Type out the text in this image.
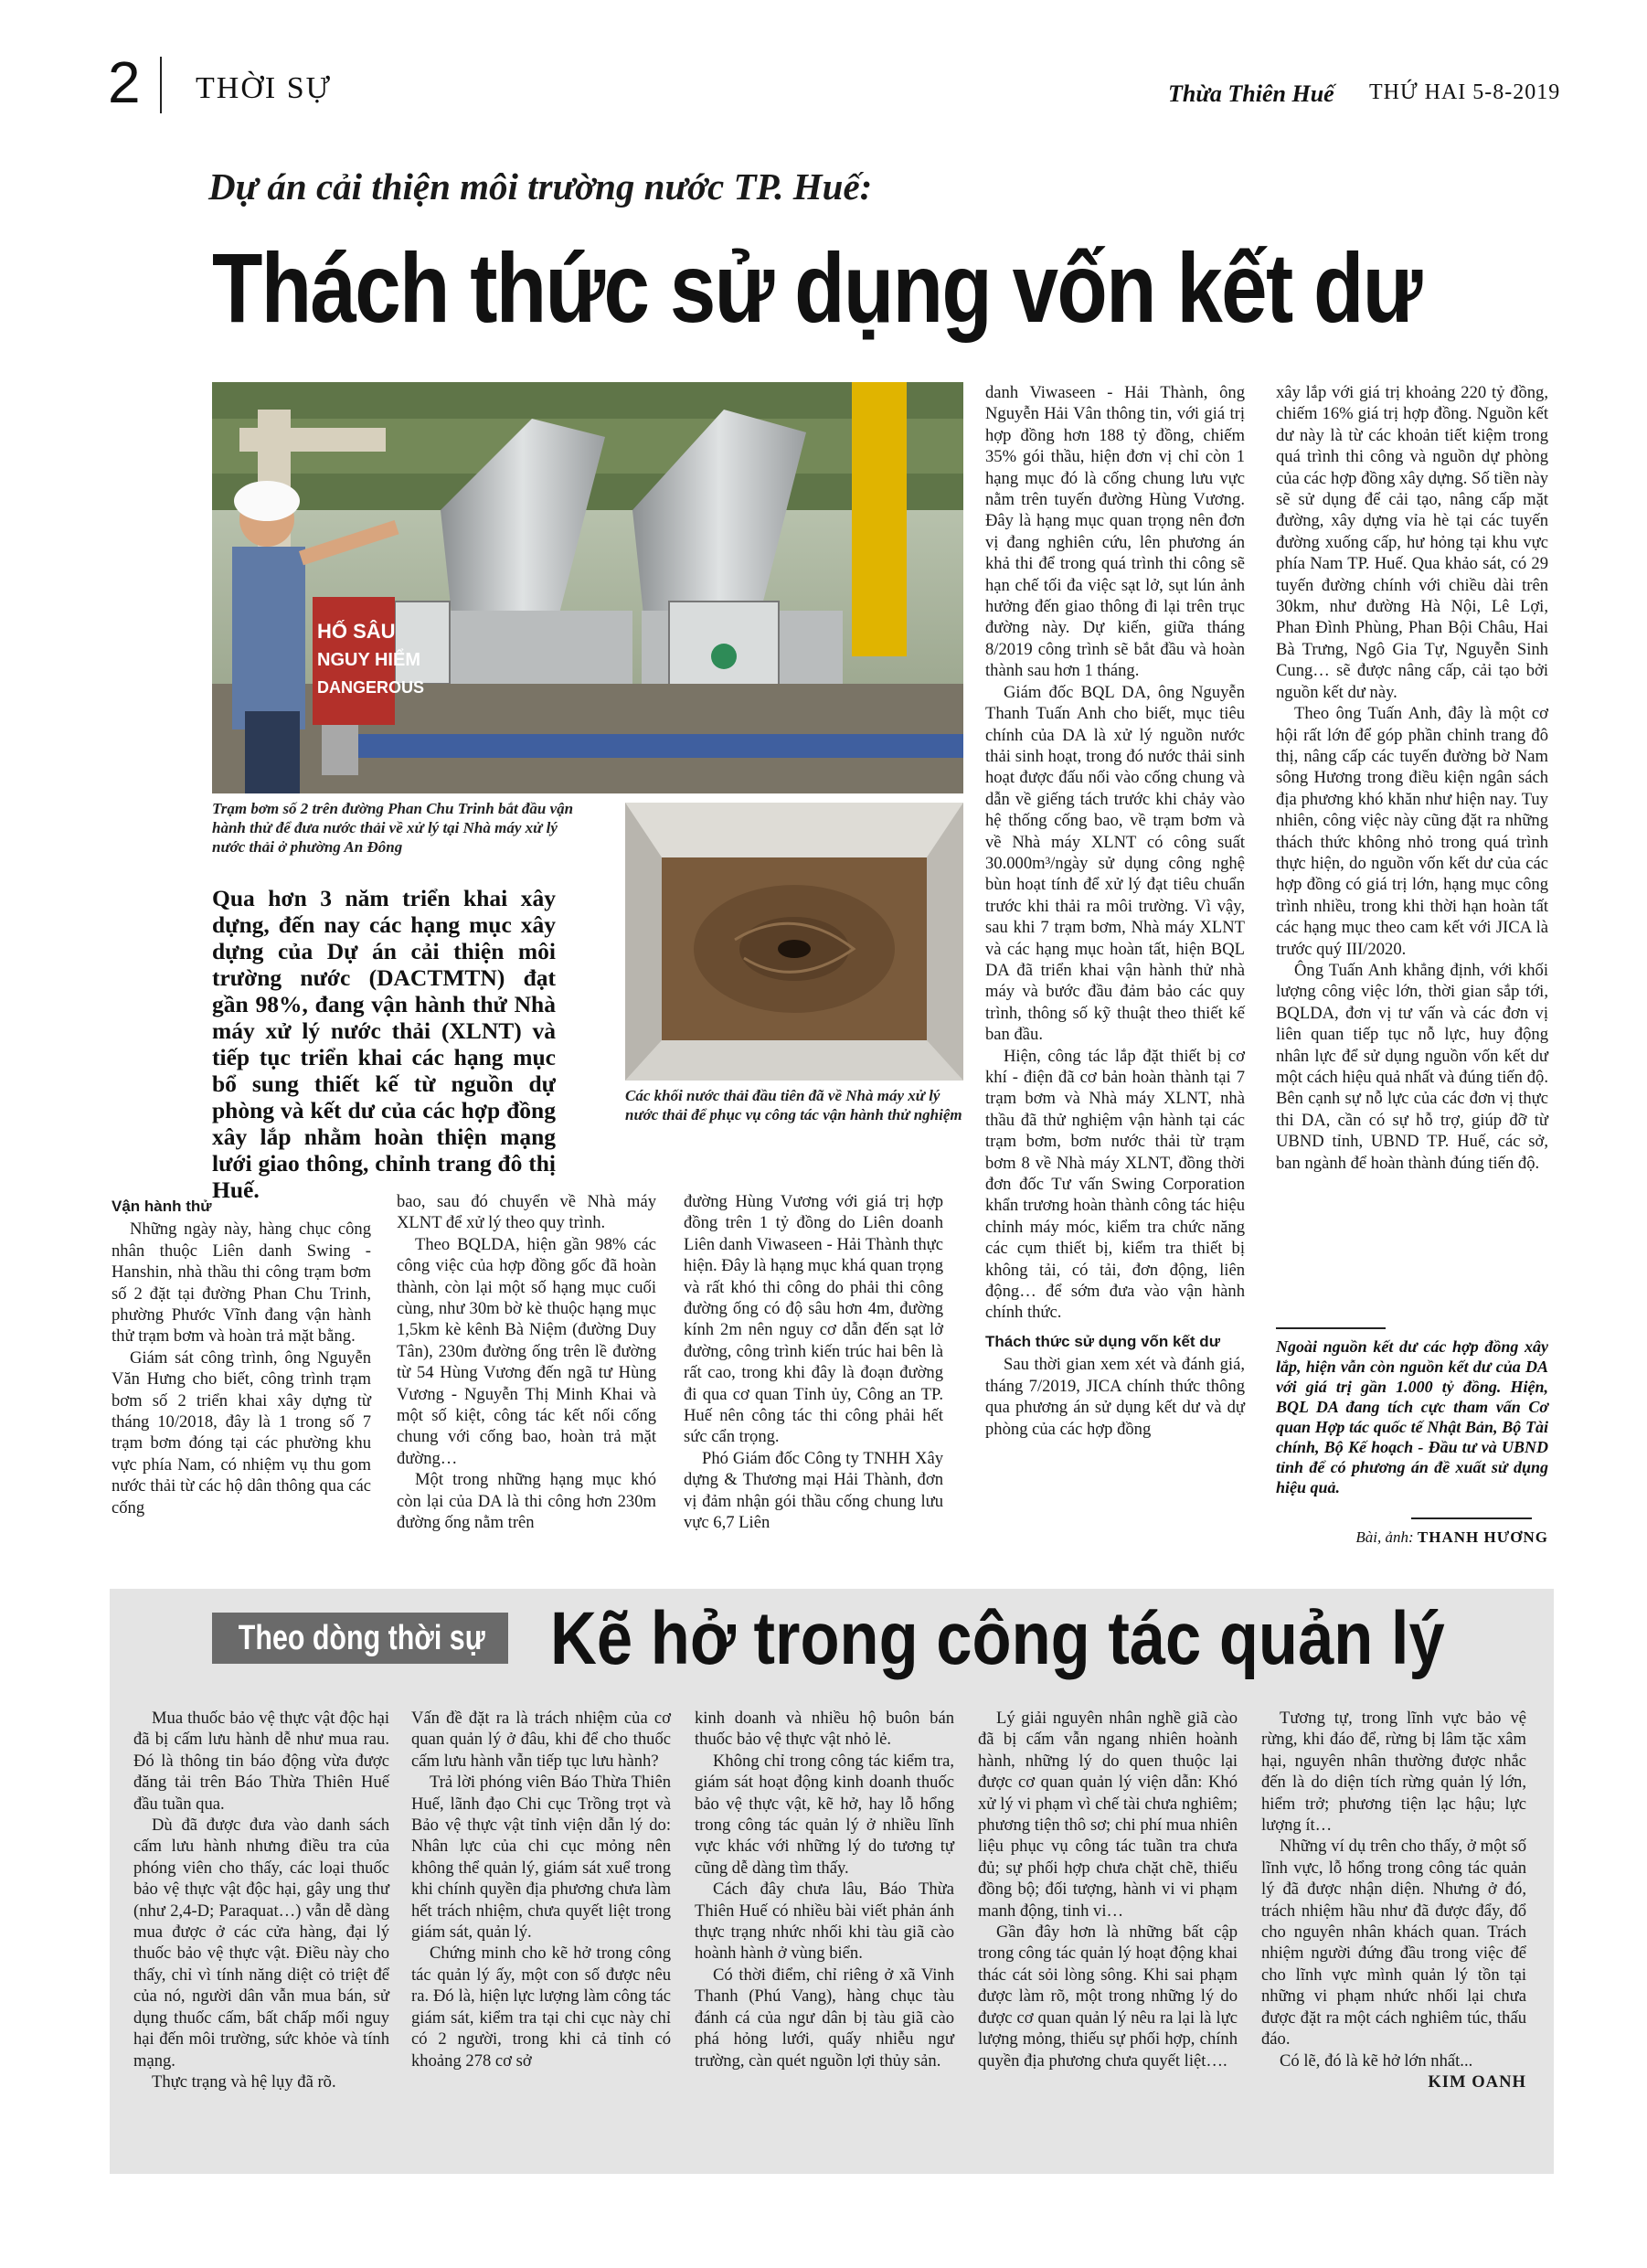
2 THỜI SỰ	Thừa Thiên Huế THỨ HAI 5-8-2019
Dự án cải thiện môi trường nước TP. Huế:
Thách thức sử dụng vốn kết dư
HỐ SÂU
NGUY HIỂM
DANGEROUS
Trạm bơm số 2 trên đường Phan Chu Trinh bắt đầu vận hành thử để đưa nước thải về xử lý tại Nhà máy xử lý nước thải ở phường An Đông
Các khối nước thải đầu tiên đã về Nhà máy xử lý nước thải để phục vụ công tác vận hành thử nghiệm
Qua hơn 3 năm triển khai xây dựng, đến nay các hạng mục xây dựng của Dự án cải thiện môi trường nước (DACTMTN) đạt gần 98%, đang vận hành thử Nhà máy xử lý nước thải (XLNT) và tiếp tục triển khai các hạng mục bổ sung thiết kế từ nguồn dự phòng và kết dư của các hợp đồng xây lắp nhằm hoàn thiện mạng lưới giao thông, chỉnh trang đô thị Huế.

Vận hành thử

Những ngày này, hàng chục công nhân thuộc Liên danh Swing - Hanshin, nhà thầu thi công trạm bơm số 2 đặt tại đường Phan Chu Trinh, phường Phước Vĩnh đang vận hành thử trạm bơm và hoàn trả mặt bằng.

Giám sát công trình, ông Nguyễn Văn Hưng cho biết, công trình trạm bơm số 2 triển khai xây dựng từ tháng 10/2018, đây là 1 trong số 7 trạm bơm đóng tại các phường khu vực phía Nam, có nhiệm vụ thu gom nước thải từ các hộ dân thông qua các cống

bao, sau đó chuyển về Nhà máy XLNT để xử lý theo quy trình.

Theo BQLDA, hiện gần 98% các công việc của hợp đồng gốc đã hoàn thành, còn lại một số hạng mục cuối cùng, như 30m bờ kè thuộc hạng mục 1,5km kè kênh Bà Niệm (đường Duy Tân), 230m đường ống trên lề đường từ 54 Hùng Vương đến ngã tư Hùng Vương - Nguyễn Thị Minh Khai và một số kiệt, công tác kết nối cống chung với cống bao, hoàn trả mặt đường…

Một trong những hạng mục khó còn lại của DA là thi công hơn 230m đường ống nằm trên

đường Hùng Vương với giá trị hợp đồng trên 1 tỷ đồng do Liên doanh Liên danh Viwaseen - Hải Thành thực hiện. Đây là hạng mục khá quan trọng và rất khó thi công do phải thi công đường ống có độ sâu hơn 4m, đường kính 2m nên nguy cơ dẫn đến sạt lở đường, công trình kiến trúc hai bên là rất cao, trong khi đây là đoạn đường đi qua cơ quan Tỉnh ủy, Công an TP. Huế nên công tác thi công phải hết sức cẩn trọng.

Phó Giám đốc Công ty TNHH Xây dựng & Thương mại Hải Thành, đơn vị đảm nhận gói thầu cống chung lưu vực 6,7 Liên

danh Viwaseen - Hải Thành, ông Nguyễn Hải Vân thông tin, với giá trị hợp đồng hơn 188 tỷ đồng, chiếm 35% gói thầu, hiện đơn vị chỉ còn 1 hạng mục đó là cống chung lưu vực nằm trên tuyến đường Hùng Vương. Đây là hạng mục quan trọng nên đơn vị đang nghiên cứu, lên phương án khả thi để trong quá trình thi công sẽ hạn chế tối đa việc sạt lở, sụt lún ảnh hưởng đến giao thông đi lại trên trục đường này. Dự kiến, giữa tháng 8/2019 công trình sẽ bắt đầu và hoàn thành sau hơn 1 tháng.

Giám đốc BQL DA, ông Nguyễn Thanh Tuấn Anh cho biết, mục tiêu chính của DA là xử lý nguồn nước thải sinh hoạt, trong đó nước thải sinh hoạt được đấu nối vào cống chung và dẫn về giếng tách trước khi chảy vào hệ thống cống bao, về trạm bơm và về Nhà máy XLNT có công suất 30.000m³/ngày sử dụng công nghệ bùn hoạt tính để xử lý đạt tiêu chuẩn trước khi thải ra môi trường. Vì vậy, sau khi 7 trạm bơm, Nhà máy XLNT và các hạng mục hoàn tất, hiện BQL DA đã triển khai vận hành thử nhà máy và bước đầu đảm bảo các quy trình, thông số kỹ thuật theo thiết kế ban đầu.

Hiện, công tác lắp đặt thiết bị cơ khí - điện đã cơ bản hoàn thành tại 7 trạm bơm và Nhà máy XLNT, nhà thầu đã thử nghiệm vận hành tại các trạm bơm, bơm nước thải từ trạm bơm 8 về Nhà máy XLNT, đồng thời đơn đốc Tư vấn Swing Corporation khẩn trương hoàn thành công tác hiệu chỉnh máy móc, kiểm tra chức năng các cụm thiết bị, kiểm tra thiết bị không tải, có tải, đơn động, liên động… để sớm đưa vào vận hành chính thức.

Thách thức sử dụng vốn kết dư

Sau thời gian xem xét và đánh giá, tháng 7/2019, JICA chính thức thông qua phương án sử dụng kết dư và dự phòng của các hợp đồng

xây lắp với giá trị khoảng 220 tỷ đồng, chiếm 16% giá trị hợp đồng. Nguồn kết dư này là từ các khoản tiết kiệm trong quá trình thi công và nguồn dự phòng của các hợp đồng xây dựng. Số tiền này sẽ sử dụng để cải tạo, nâng cấp mặt đường, xây dựng vỉa hè tại các tuyến đường xuống cấp, hư hỏng tại khu vực phía Nam TP. Huế. Qua khảo sát, có 29 tuyến đường chính với chiều dài trên 30km, như đường Hà Nội, Lê Lợi, Phan Đình Phùng, Phan Bội Châu, Hai Bà Trưng, Ngô Gia Tự, Nguyễn Sinh Cung… sẽ được nâng cấp, cải tạo bởi nguồn kết dư này.

Theo ông Tuấn Anh, đây là một cơ hội rất lớn để góp phần chỉnh trang đô thị, nâng cấp các tuyến đường bờ Nam sông Hương trong điều kiện ngân sách địa phương khó khăn như hiện nay. Tuy nhiên, công việc này cũng đặt ra những thách thức không nhỏ trong quá trình thực hiện, do nguồn vốn kết dư của các hợp đồng có giá trị lớn, hạng mục công trình nhiều, trong khi thời hạn hoàn tất các hạng mục theo cam kết với JICA là trước quý III/2020.

Ông Tuấn Anh khẳng định, với khối lượng công việc lớn, thời gian sắp tới, BQLDA, đơn vị tư vấn và các đơn vị liên quan tiếp tục nỗ lực, huy động nhân lực để sử dụng nguồn vốn kết dư một cách hiệu quả nhất và đúng tiến độ. Bên cạnh sự nỗ lực của các đơn vị thực thi DA, cần có sự hỗ trợ, giúp đỡ từ UBND tỉnh, UBND TP. Huế, các sở, ban ngành để hoàn thành đúng tiến độ.

Ngoài nguồn kết dư các hợp đồng xây lắp, hiện vẫn còn nguồn kết dư của DA với giá trị gần 1.000 tỷ đồng. Hiện, BQL DA đang tích cực tham vấn Cơ quan Hợp tác quốc tế Nhật Bản, Bộ Tài chính, Bộ Kế hoạch - Đầu tư và UBND tỉnh để có phương án đề xuất sử dụng hiệu quả.
Bài, ảnh: THANH HƯƠNG
Theo dòng thời sự Kẽ hở trong công tác quản lý

Mua thuốc bảo vệ thực vật độc hại đã bị cấm lưu hành dễ như mua rau. Đó là thông tin báo động vừa được đăng tải trên Báo Thừa Thiên Huế đầu tuần qua.

Dù đã được đưa vào danh sách cấm lưu hành nhưng điều tra của phóng viên cho thấy, các loại thuốc bảo vệ thực vật độc hại, gây ung thư (như 2,4-D; Paraquat…) vẫn dễ dàng mua được ở các cửa hàng, đại lý thuốc bảo vệ thực vật. Điều này cho thấy, chỉ vì tính năng diệt cỏ triệt để của nó, người dân vẫn mua bán, sử dụng thuốc cấm, bất chấp mối nguy hại đến môi trường, sức khỏe và tính mạng.

Thực trạng và hệ lụy đã rõ.

Vấn đề đặt ra là trách nhiệm của cơ quan quản lý ở đâu, khi để cho thuốc cấm lưu hành vẫn tiếp tục lưu hành?

Trả lời phóng viên Báo Thừa Thiên Huế, lãnh đạo Chi cục Trồng trọt và Bảo vệ thực vật tỉnh viện dẫn lý do: Nhân lực của chi cục mỏng nên không thể quản lý, giám sát xuể trong khi chính quyền địa phương chưa làm hết trách nhiệm, chưa quyết liệt trong giám sát, quản lý.

Chứng minh cho kẽ hở trong công tác quản lý ấy, một con số được nêu ra. Đó là, hiện lực lượng làm công tác giám sát, kiểm tra tại chi cục này chỉ có 2 người, trong khi cả tỉnh có khoảng 278 cơ sở

kinh doanh và nhiều hộ buôn bán thuốc bảo vệ thực vật nhỏ lẻ.

Không chỉ trong công tác kiểm tra, giám sát hoạt động kinh doanh thuốc bảo vệ thực vật, kẽ hở, hay lỗ hổng trong công tác quản lý ở nhiều lĩnh vực khác với những lý do tương tự cũng dễ dàng tìm thấy.

Cách đây chưa lâu, Báo Thừa Thiên Huế có nhiều bài viết phản ánh thực trạng nhức nhối khi tàu giã cào hoành hành ở vùng biển.

Có thời điểm, chỉ riêng ở xã Vinh Thanh (Phú Vang), hàng chục tàu đánh cá của ngư dân bị tàu giã cào phá hỏng lưới, quấy nhiễu ngư trường, càn quét nguồn lợi thủy sản.

Lý giải nguyên nhân nghề giã cào đã bị cấm vẫn ngang nhiên hoành hành, những lý do quen thuộc lại được cơ quan quản lý viện dẫn: Khó xử lý vi phạm vì chế tài chưa nghiêm; phương tiện thô sơ; chi phí mua nhiên liệu phục vụ công tác tuần tra chưa đủ; sự phối hợp chưa chặt chẽ, thiếu đồng bộ; đối tượng, hành vi vi phạm manh động, tinh vi…

Gần đây hơn là những bất cập trong công tác quản lý hoạt động khai thác cát sỏi lòng sông. Khi sai phạm được làm rõ, một trong những lý do được cơ quan quản lý nêu ra lại là lực lượng mỏng, thiếu sự phối hợp, chính quyền địa phương chưa quyết liệt….

Tương tự, trong lĩnh vực bảo vệ rừng, khi đáo để, rừng bị lâm tặc xâm hại, nguyên nhân thường được nhắc đến là do diện tích rừng quản lý lớn, hiểm trở; phương tiện lạc hậu; lực lượng ít…

Những ví dụ trên cho thấy, ở một số lĩnh vực, lỗ hổng trong công tác quản lý đã được nhận diện. Nhưng ở đó, trách nhiệm hầu như đã được đẩy, đổ cho nguyên nhân khách quan. Trách nhiệm người đứng đầu trong việc để cho lĩnh vực mình quản lý tồn tại những vi phạm nhức nhối lại chưa được đặt ra một cách nghiêm túc, thấu đáo.

Có lẽ, đó là kẽ hở lớn nhất...

KIM OANH
